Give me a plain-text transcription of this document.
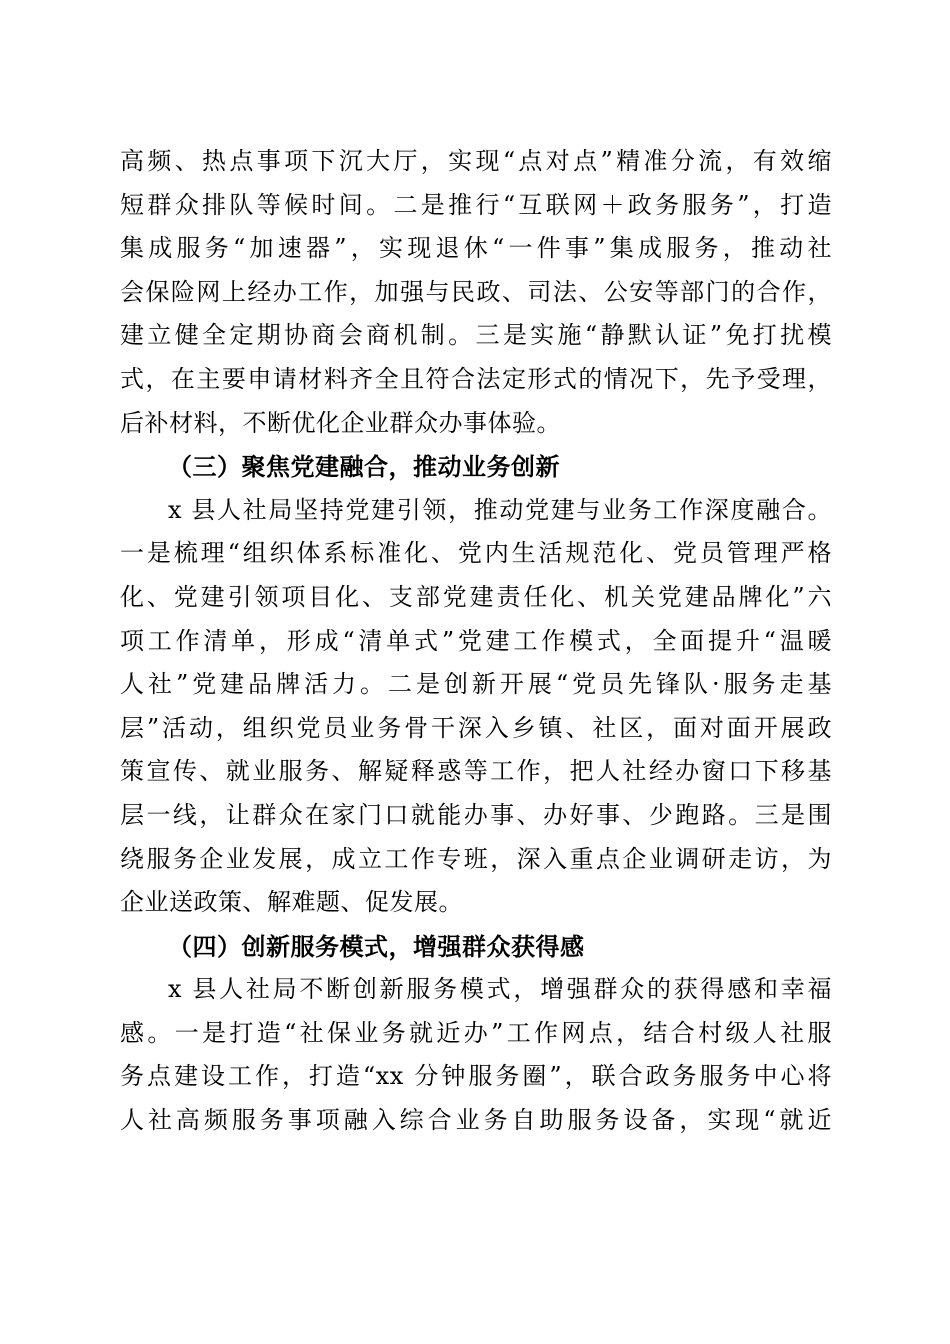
高频、热点事项下沉大厅，实现“点对点”精准分流，有效缩
短群众排队等候时间。二是推行“互联网＋政务服务”，打造
集成服务“加速器”，实现退休“一件事”集成服务，推动社
会保险网上经办工作，加强与民政、司法、公安等部门的合作，
建立健全定期协商会商机制。三是实施“静默认证”免打扰模
式，在主要申请材料齐全且符合法定形式的情况下，先予受理，
后补材料，不断优化企业群众办事体验。
（三）聚焦党建融合，推动业务创新
x 县人社局坚持党建引领，推动党建与业务工作深度融合。
一是梳理“组织体系标准化、党内生活规范化、党员管理严格
化、党建引领项目化、支部党建责任化、机关党建品牌化”六
项工作清单，形成“清单式”党建工作模式，全面提升“温暖
人社”党建品牌活力。二是创新开展“党员先锋队·服务走基
层”活动，组织党员业务骨干深入乡镇、社区，面对面开展政
策宣传、就业服务、解疑释惑等工作，把人社经办窗口下移基
层一线，让群众在家门口就能办事、办好事、少跑路。三是围
绕服务企业发展，成立工作专班，深入重点企业调研走访，为
企业送政策、解难题、促发展。
（四）创新服务模式，增强群众获得感
x 县人社局不断创新服务模式，增强群众的获得感和幸福
感。一是打造“社保业务就近办”工作网点，结合村级人社服
务点建设工作，打造“xx 分钟服务圈”，联合政务服务中心将
人社高频服务事项融入综合业务自助服务设备，实现“就近
